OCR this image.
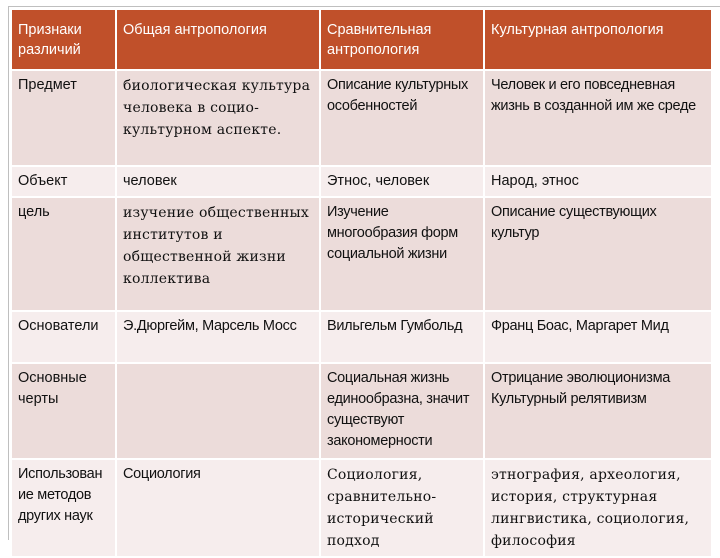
Признаки различий	Общая антропология	Сравнительная антропология	Культурная антропология
Предмет	биологическая культура человека в социо-культурном аспекте.	Описание культурных особенностей	Человек и его повседневная жизнь в созданной им же среде
Объект	человек	Этнос, человек	Народ, этнос
цель	изучение общественных институтов и общественной жизни коллектива	Изучение многообразия форм социальной жизни	Описание существующих культур
Основатели	Э.Дюргейм, Марсель Мосс	Вильгельм Гумбольд	Франц Боас, Маргарет Мид
Основные черты		Социальная жизнь единообразна, значит существуют закономерности	Отрицание эволюционизма Культурный релятивизм
Использован ие методов других наук	Социология	Социология, сравнительно-исторический подход	этнография, археология, история, структурная лингвистика, социология, философия
